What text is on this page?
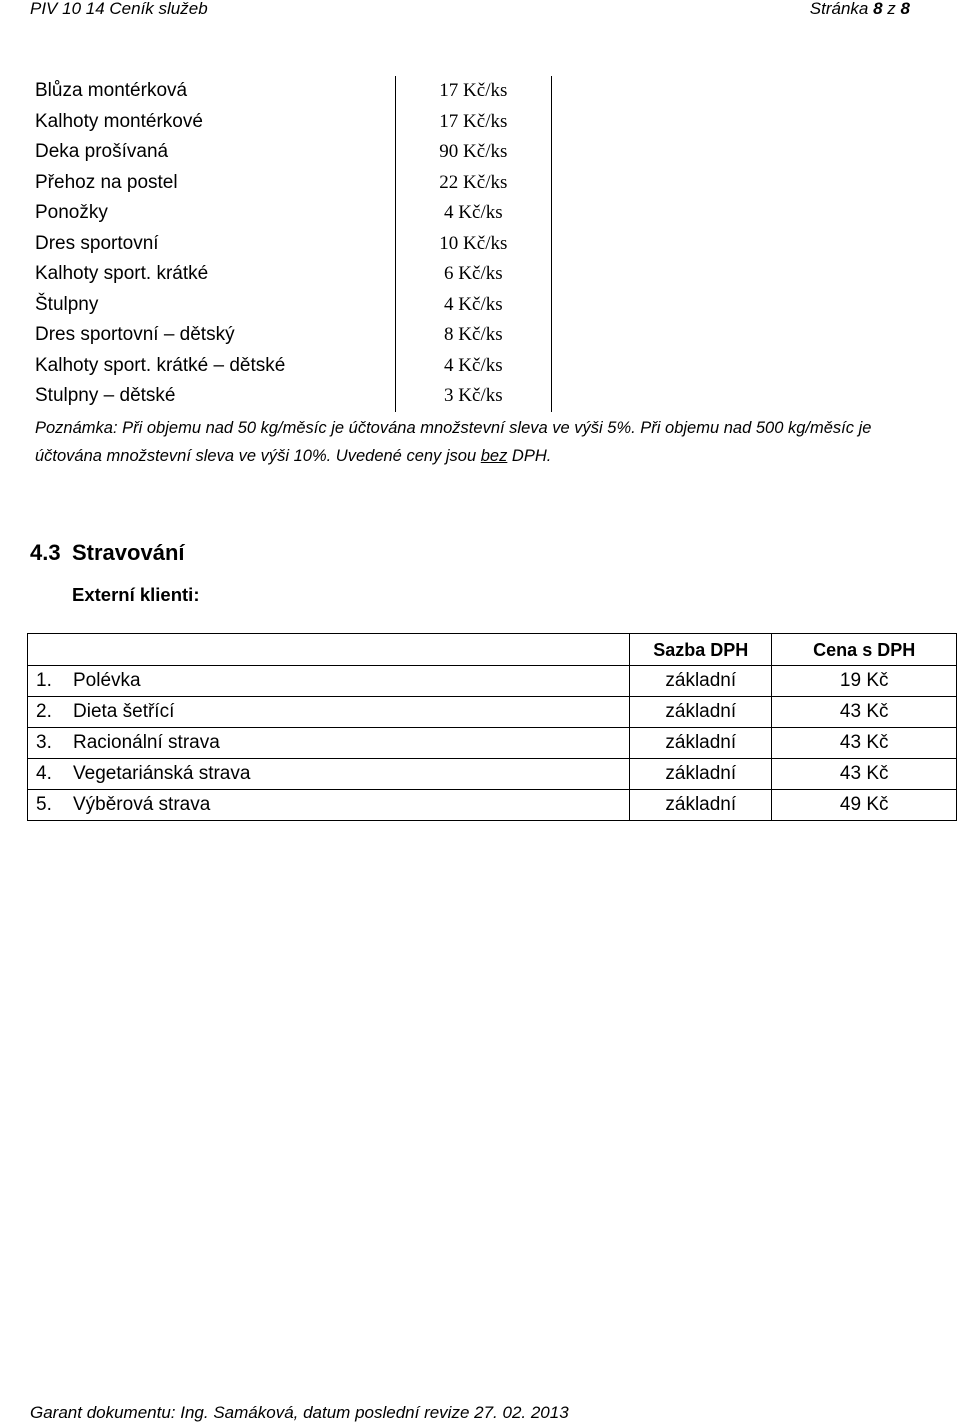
PIV 10 14 Ceník služeb	Stránka 8 z 8
Blůza montérková	17 Kč/ks
Kalhoty montérkové	17 Kč/ks
Deka prošívaná	90 Kč/ks
Přehoz na postel	22 Kč/ks
Ponožky	4 Kč/ks
Dres sportovní	10 Kč/ks
Kalhoty sport. krátké	6 Kč/ks
Štulpny	4 Kč/ks
Dres sportovní – dětský	8 Kč/ks
Kalhoty sport. krátké – dětské	4 Kč/ks
Stulpny – dětské	3 Kč/ks
Poznámka: Při objemu nad 50 kg/měsíc je účtována množstevní sleva ve výši 5%. Při objemu nad 500 kg/měsíc je účtována množstevní sleva ve výši 10%. Uvedené ceny jsou bez DPH.
4.3 Stravování
Externí klienti:
	Sazba DPH	Cena s DPH
1. Polévka	základní	19 Kč
2. Dieta šetřící	základní	43 Kč
3. Racionální strava	základní	43 Kč
4. Vegetariánská strava	základní	43 Kč
5. Výběrová strava	základní	49 Kč
Garant dokumentu: Ing. Samáková, datum poslední revize 27. 02. 2013
